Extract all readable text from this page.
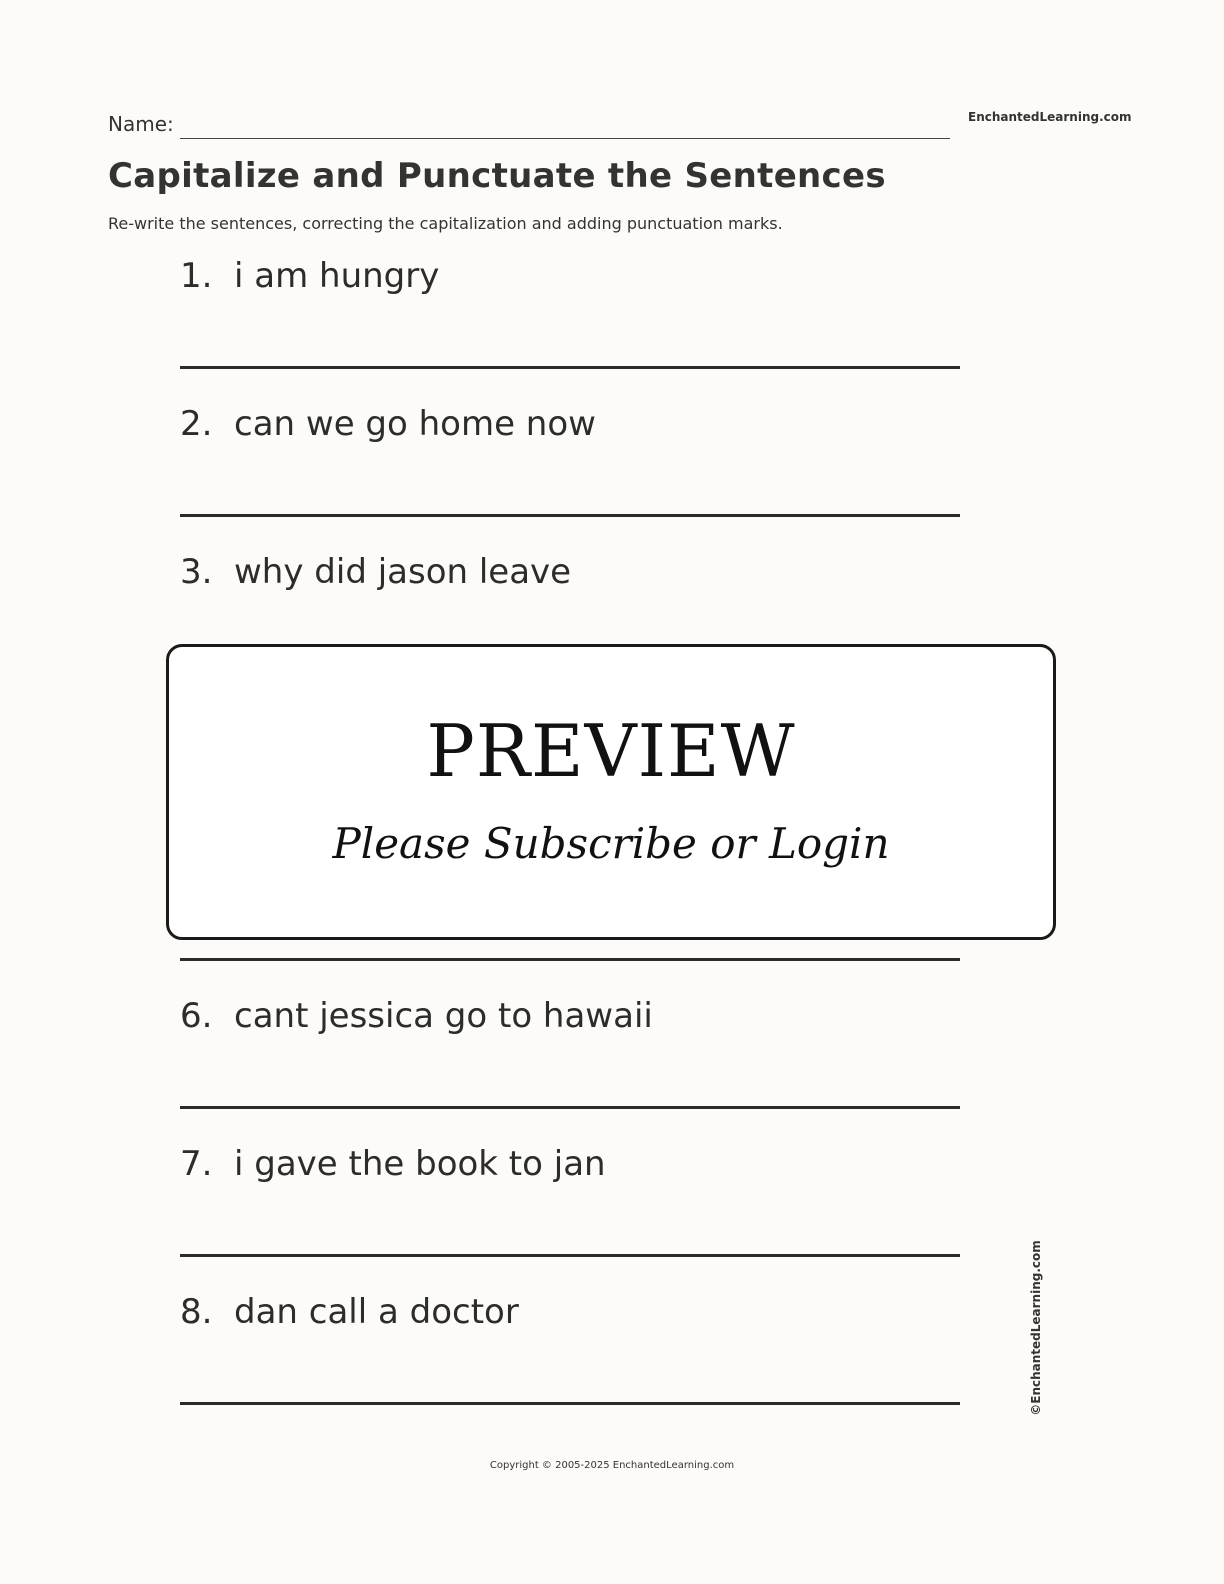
Name:	EnchantedLearning.com
Capitalize and Punctuate the Sentences

Re-write the sentences, correcting the capitalization and adding punctuation marks.

1. i am hungry
2. can we go home now
3. why did jason leave
6. cant jessica go to hawaii
7. i gave the book to jan
8. dan call a doctor
PREVIEW
Please Subscribe or Login
©EnchantedLearning.com
Copyright © 2005-2025 EnchantedLearning.com
